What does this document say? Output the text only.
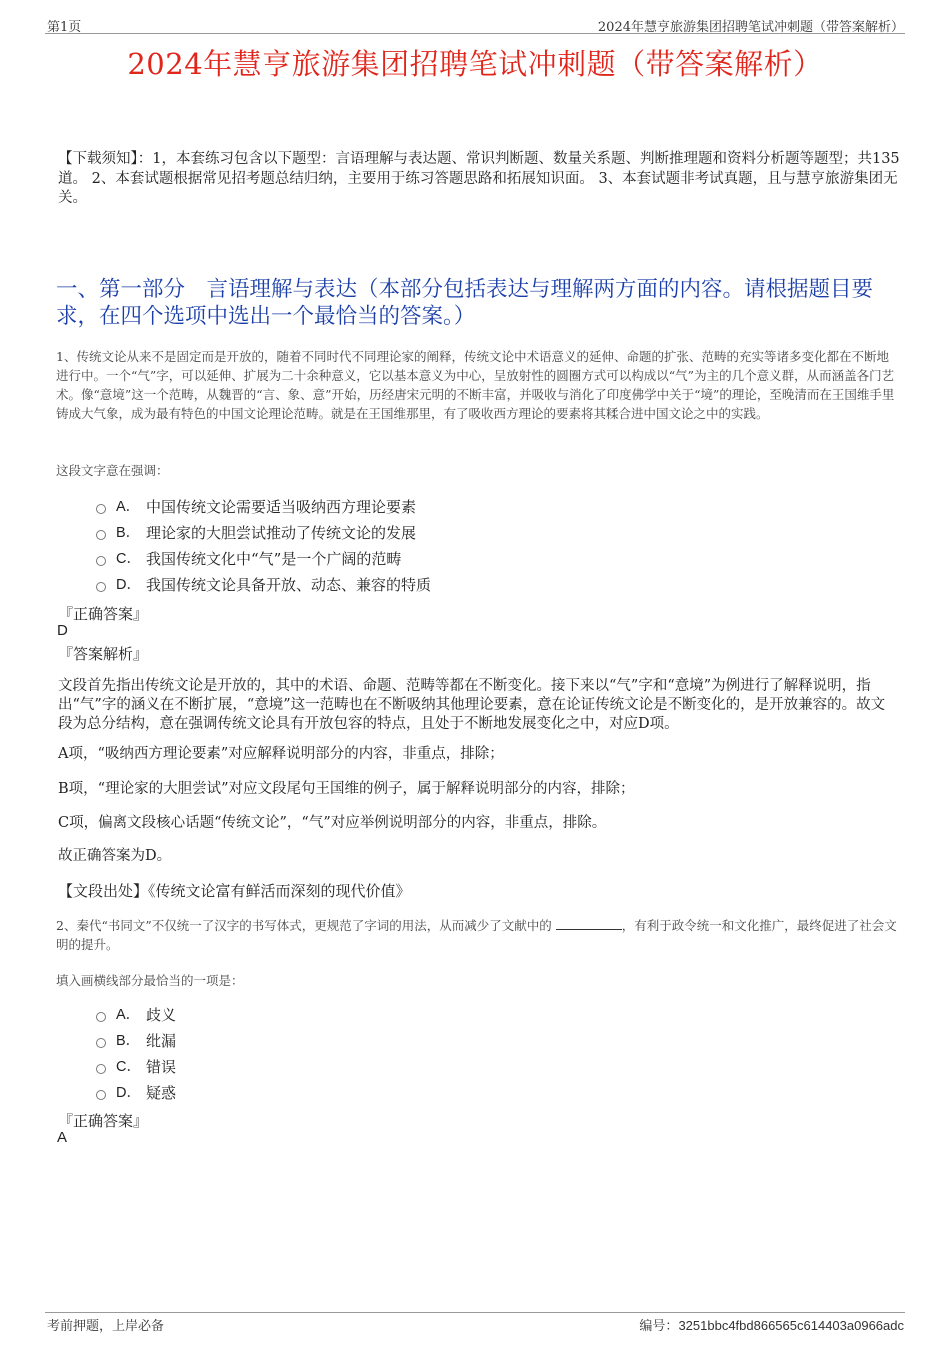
第1页	2024年慧亨旅游集团招聘笔试冲刺题（带答案解析）
2024年慧亨旅游集团招聘笔试冲刺题（带答案解析）
【下载须知】：1，本套练习包含以下题型：言语理解与表达题、常识判断题、数量关系题、判断推理题和资料分析题等题型；共135道。 2、本套试题根据常见招考题总结归纳，主要用于练习答题思路和拓展知识面。 3、本套试题非考试真题，且与慧亨旅游集团无关。
一、第一部分　言语理解与表达（本部分包括表达与理解两方面的内容。请根据题目要求，在四个选项中选出一个最恰当的答案。）
1、传统文论从来不是固定而是开放的，随着不同时代不同理论家的阐释，传统文论中术语意义的延伸、命题的扩张、范畴的充实等诸多变化都在不断地进行中。一个“气”字，可以延伸、扩展为二十余种意义，它以基本意义为中心，呈放射性的圆圈方式可以构成以“气”为主的几个意义群，从而涵盖各门艺术。像“意境”这一个范畴，从魏晋的“言、象、意”开始，历经唐宋元明的不断丰富，并吸收与消化了印度佛学中关于“境”的理论，至晚清而在王国维手里铸成大气象，成为最有特色的中国文论理论范畴。就是在王国维那里，有了吸收西方理论的要素将其糅合进中国文论之中的实践。
这段文字意在强调：
A． 中国传统文论需要适当吸纳西方理论要素
B． 理论家的大胆尝试推动了传统文论的发展
C． 我国传统文化中“气”是一个广阔的范畴
D． 我国传统文论具备开放、动态、兼容的特质
『正确答案』
D
『答案解析』
文段首先指出传统文论是开放的，其中的术语、命题、范畴等都在不断变化。接下来以“气”字和“意境”为例进行了解释说明，指出“气”字的涵义在不断扩展，“意境”这一范畴也在不断吸纳其他理论要素，意在论证传统文论是不断变化的，是开放兼容的。故文段为总分结构，意在强调传统文论具有开放包容的特点，且处于不断地发展变化之中，对应D项。
A项，“吸纳西方理论要素”对应解释说明部分的内容，非重点，排除；
B项，“理论家的大胆尝试”对应文段尾句王国维的例子，属于解释说明部分的内容，排除；
C项，偏离文段核心话题“传统文论”，“气”对应举例说明部分的内容，非重点，排除。
故正确答案为D。
【文段出处】《传统文论富有鲜活而深刻的现代价值》
2、秦代“书同文”不仅统一了汉字的书写体式，更规范了字词的用法，从而减少了文献中的	，有利于政令统一和文化推广，最终促进了社会文明的提升。
填入画横线部分最恰当的一项是：
A． 歧义
B． 纰漏
C． 错误
D． 疑惑
『正确答案』
A
考前押题，上岸必备	编号：3251bbc4fbd866565c614403a0966adc
